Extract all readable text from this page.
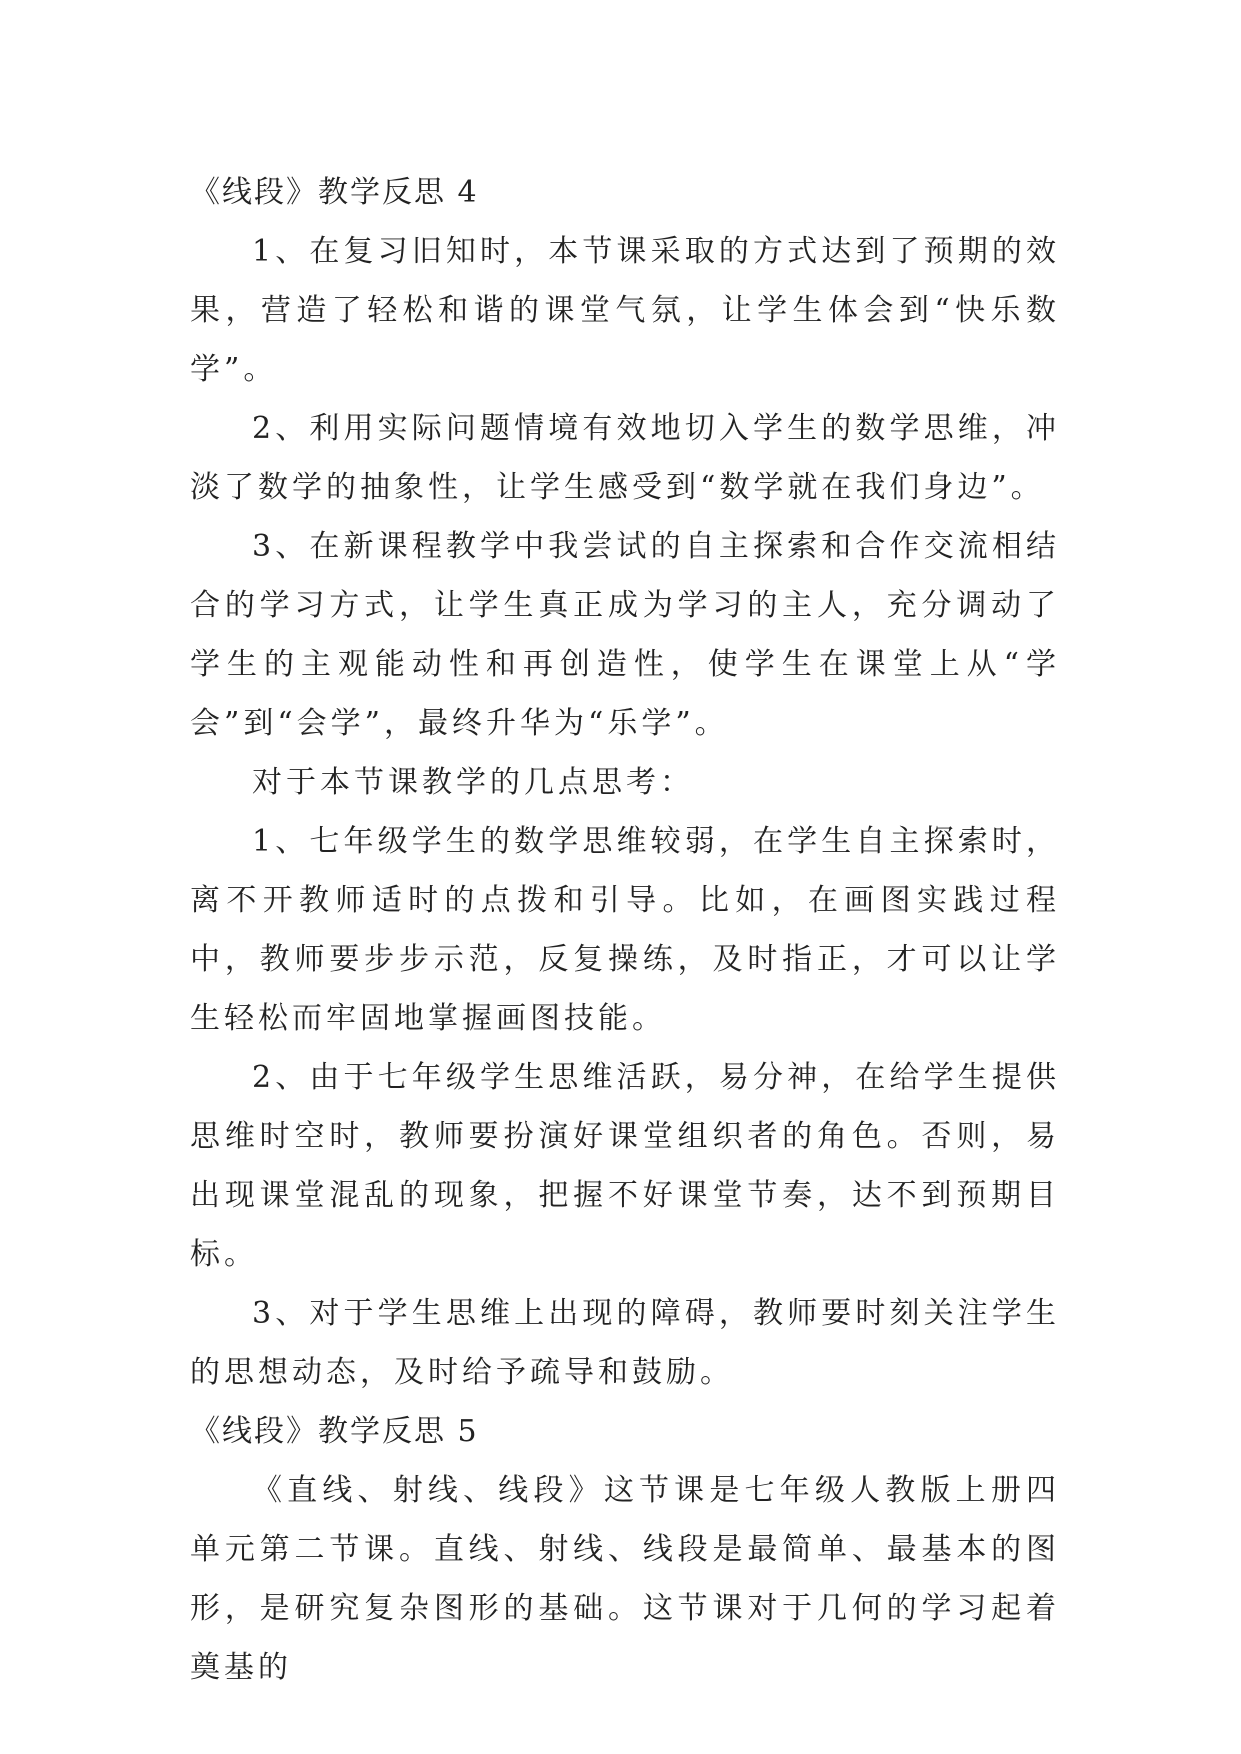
《线段》教学反思 4

1、在复习旧知时，本节课采取的方式达到了预期的效果，营造了轻松和谐的课堂气氛，让学生体会到“快乐数学”。

2、利用实际问题情境有效地切入学生的数学思维，冲淡了数学的抽象性，让学生感受到“数学就在我们身边”。

3、在新课程教学中我尝试的自主探索和合作交流相结合的学习方式，让学生真正成为学习的主人，充分调动了学生的主观能动性和再创造性，使学生在课堂上从“学会”到“会学”，最终升华为“乐学”。

对于本节课教学的几点思考：

1、七年级学生的数学思维较弱，在学生自主探索时，离不开教师适时的点拨和引导。比如，在画图实践过程中，教师要步步示范，反复操练，及时指正，才可以让学生轻松而牢固地掌握画图技能。

2、由于七年级学生思维活跃，易分神，在给学生提供思维时空时，教师要扮演好课堂组织者的角色。否则，易出现课堂混乱的现象，把握不好课堂节奏，达不到预期目标。

3、对于学生思维上出现的障碍，教师要时刻关注学生的思想动态，及时给予疏导和鼓励。

《线段》教学反思 5

《直线、射线、线段》这节课是七年级人教版上册四单元第二节课。直线、射线、线段是最简单、最基本的图形，是研究复杂图形的基础。这节课对于几何的学习起着奠基的
